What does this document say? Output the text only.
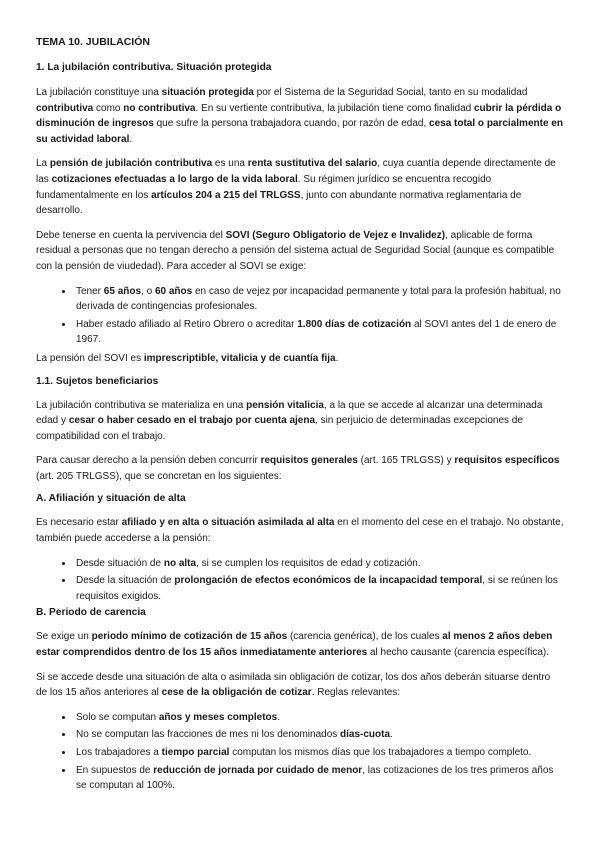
TEMA 10. JUBILACIÓN
1. La jubilación contributiva. Situación protegida

La jubilación constituye una situación protegida por el Sistema de la Seguridad Social, tanto en su modalidad contributiva como no contributiva. En su vertiente contributiva, la jubilación tiene como finalidad cubrir la pérdida o disminución de ingresos que sufre la persona trabajadora cuando, por razón de edad, cesa total o parcialmente en su actividad laboral.

La pensión de jubilación contributiva es una renta sustitutiva del salario, cuya cuantía depende directamente de las cotizaciones efectuadas a lo largo de la vida laboral. Su régimen jurídico se encuentra recogido fundamentalmente en los artículos 204 a 215 del TRLGSS, junto con abundante normativa reglamentaria de desarrollo.

Debe tenerse en cuenta la pervivencia del SOVI (Seguro Obligatorio de Vejez e Invalidez), aplicable de forma residual a personas que no tengan derecho a pensión del sistema actual de Seguridad Social (aunque es compatible con la pensión de viudedad). Para acceder al SOVI se exige:

• Tener 65 años, o 60 años en caso de vejez por incapacidad permanente y total para la profesión habitual, no derivada de contingencias profesionales.
• Haber estado afiliado al Retiro Obrero o acreditar 1.800 días de cotización al SOVI antes del 1 de enero de 1967.

La pensión del SOVI es imprescriptible, vitalicia y de cuantía fija.

1.1. Sujetos beneficiarios

La jubilación contributiva se materializa en una pensión vitalicia, a la que se accede al alcanzar una determinada edad y cesar o haber cesado en el trabajo por cuenta ajena, sin perjuicio de determinadas excepciones de compatibilidad con el trabajo.

Para causar derecho a la pensión deben concurrir requisitos generales (art. 165 TRLGSS) y requisitos específicos (art. 205 TRLGSS), que se concretan en los siguientes:

A. Afiliación y situación de alta

Es necesario estar afiliado y en alta o situación asimilada al alta en el momento del cese en el trabajo. No obstante, también puede accederse a la pensión:

• Desde situación de no alta, si se cumplen los requisitos de edad y cotización.
• Desde la situación de prolongación de efectos económicos de la incapacidad temporal, si se reúnen los requisitos exigidos.
B. Periodo de carencia

Se exige un periodo mínimo de cotización de 15 años (carencia genérica), de los cuales al menos 2 años deben estar comprendidos dentro de los 15 años inmediatamente anteriores al hecho causante (carencia específica).

Si se accede desde una situación de alta o asimilada sin obligación de cotizar, los dos años deberán situarse dentro de los 15 años anteriores al cese de la obligación de cotizar. Reglas relevantes:

• Solo se computan años y meses completos.
• No se computan las fracciones de mes ni los denominados días-cuota.
• Los trabajadores a tiempo parcial computan los mismos días que los trabajadores a tiempo completo.
• En supuestos de reducción de jornada por cuidado de menor, las cotizaciones de los tres primeros años se computan al 100%.
